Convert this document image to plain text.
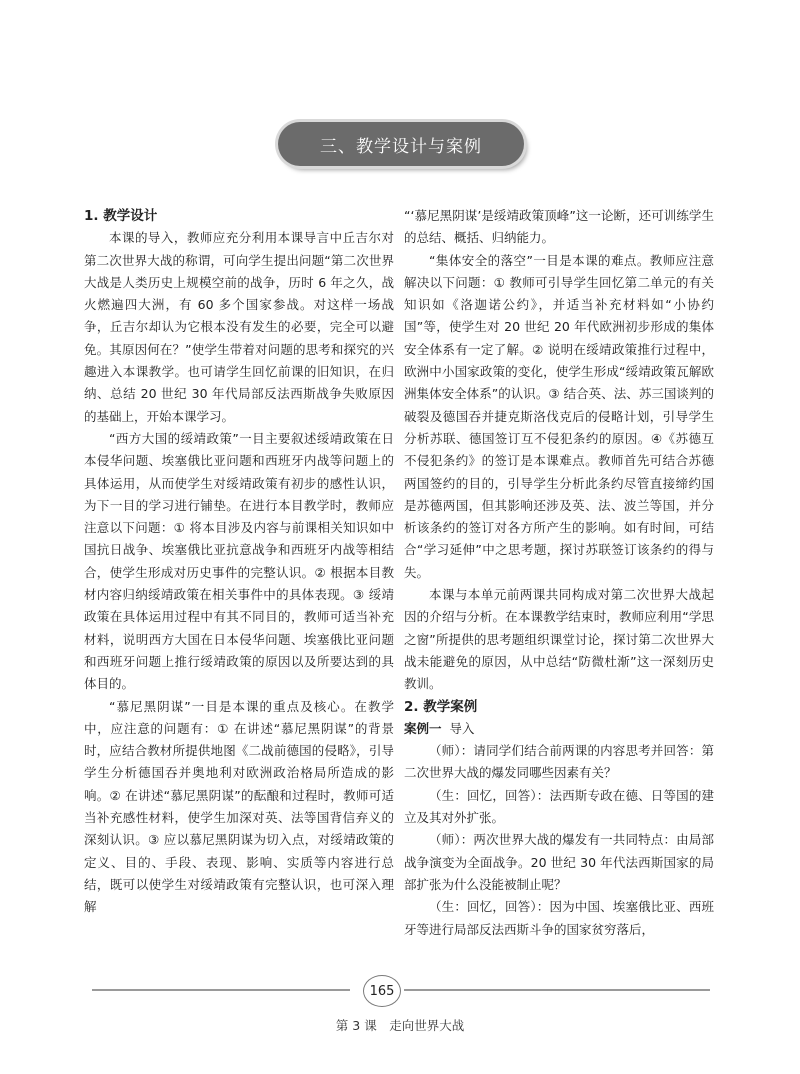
三、教学设计与案例

1. 教学设计

本课的导入，教师应充分利用本课导言中丘吉尔对第二次世界大战的称谓，可向学生提出问题“第二次世界大战是人类历史上规模空前的战争，历时 6 年之久，战火燃遍四大洲，有 60 多个国家参战。对这样一场战争，丘吉尔却认为它根本没有发生的必要，完全可以避免。其原因何在？”使学生带着对问题的思考和探究的兴趣进入本课教学。也可请学生回忆前课的旧知识，在归纳、总结 20 世纪 30 年代局部反法西斯战争失败原因的基础上，开始本课学习。

“西方大国的绥靖政策”一目主要叙述绥靖政策在日本侵华问题、埃塞俄比亚问题和西班牙内战等问题上的具体运用，从而使学生对绥靖政策有初步的感性认识，为下一目的学习进行铺垫。在进行本目教学时，教师应注意以下问题：① 将本目涉及内容与前课相关知识如中国抗日战争、埃塞俄比亚抗意战争和西班牙内战等相结合，使学生形成对历史事件的完整认识。② 根据本目教材内容归纳绥靖政策在相关事件中的具体表现。③ 绥靖政策在具体运用过程中有其不同目的，教师可适当补充材料，说明西方大国在日本侵华问题、埃塞俄比亚问题和西班牙问题上推行绥靖政策的原因以及所要达到的具体目的。

“慕尼黑阴谋”一目是本课的重点及核心。在教学中，应注意的问题有：① 在讲述“慕尼黑阴谋”的背景时，应结合教材所提供地图《二战前德国的侵略》，引导学生分析德国吞并奥地利对欧洲政治格局所造成的影响。② 在讲述“慕尼黑阴谋”的酝酿和过程时，教师可适当补充感性材料，使学生加深对英、法等国背信弃义的深刻认识。③ 应以慕尼黑阴谋为切入点，对绥靖政策的定义、目的、手段、表现、影响、实质等内容进行总结，既可以使学生对绥靖政策有完整认识，也可深入理解

“‘慕尼黑阴谋’是绥靖政策顶峰”这一论断，还可训练学生的总结、概括、归纳能力。

“集体安全的落空”一目是本课的难点。教师应注意解决以下问题：① 教师可引导学生回忆第二单元的有关知识如《洛迦诺公约》，并适当补充材料如“小协约国”等，使学生对 20 世纪 20 年代欧洲初步形成的集体安全体系有一定了解。② 说明在绥靖政策推行过程中，欧洲中小国家政策的变化，使学生形成“绥靖政策瓦解欧洲集体安全体系”的认识。③ 结合英、法、苏三国谈判的破裂及德国吞并捷克斯洛伐克后的侵略计划，引导学生分析苏联、德国签订互不侵犯条约的原因。④《苏德互不侵犯条约》的签订是本课难点。教师首先可结合苏德两国签约的目的，引导学生分析此条约尽管直接缔约国是苏德两国，但其影响还涉及英、法、波兰等国，并分析该条约的签订对各方所产生的影响。如有时间，可结合“学习延伸”中之思考题，探讨苏联签订该条约的得与失。

本课与本单元前两课共同构成对第二次世界大战起因的介绍与分析。在本课教学结束时，教师应利用“学思之窗”所提供的思考题组织课堂讨论，探讨第二次世界大战未能避免的原因，从中总结“防微杜渐”这一深刻历史教训。

2. 教学案例

案例一 导入

（师）：请同学们结合前两课的内容思考并回答：第二次世界大战的爆发同哪些因素有关？

（生：回忆，回答）：法西斯专政在德、日等国的建立及其对外扩张。

（师）：两次世界大战的爆发有一共同特点：由局部战争演变为全面战争。20 世纪 30 年代法西斯国家的局部扩张为什么没能被制止呢？

（生：回忆，回答）：因为中国、埃塞俄比亚、西班牙等进行局部反法西斯斗争的国家贫穷落后，

165
第 3 课　走向世界大战
